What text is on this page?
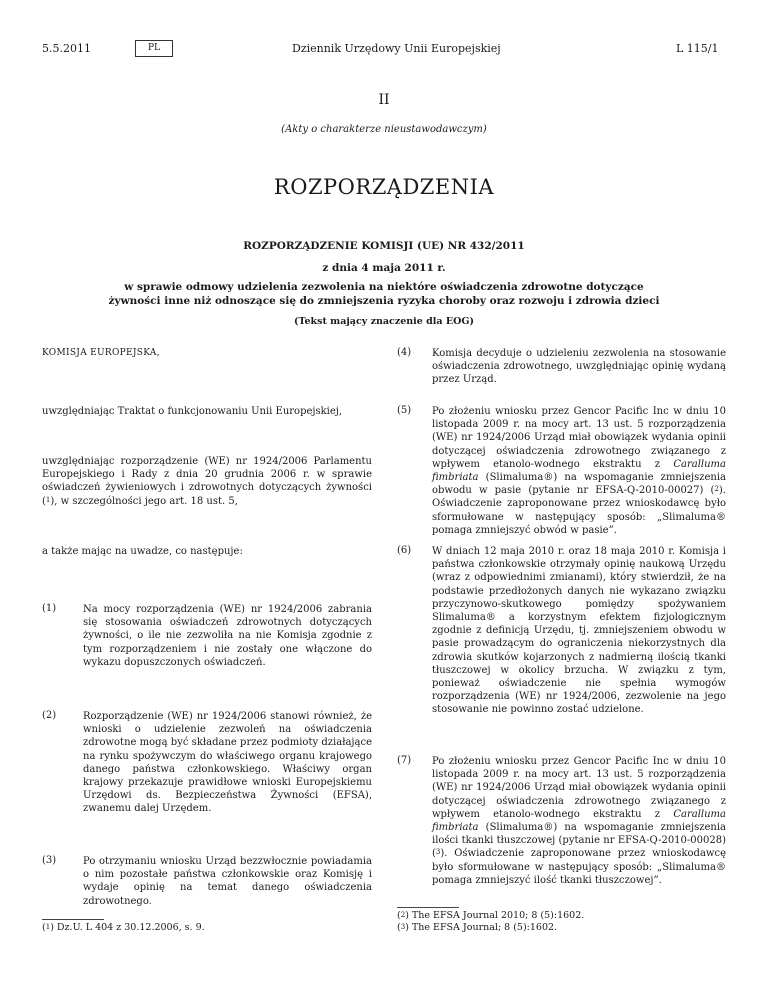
5.5.2011	PL	Dziennik Urzędowy Unii Europejskiej	L 115/1
II
(Akty o charakterze nieustawodawczym)
ROZPORZĄDZENIA
ROZPORZĄDZENIE KOMISJI (UE) NR 432/2011
z dnia 4 maja 2011 r.
w sprawie odmowy udzielenia zezwolenia na niektóre oświadczenia zdrowotne dotyczące
żywności inne niż odnoszące się do zmniejszenia ryzyka choroby oraz rozwoju i zdrowia dzieci
(Tekst mający znaczenie dla EOG)
KOMISJA EUROPEJSKA,
uwzględniając Traktat o funkcjonowaniu Unii Europejskiej,
uwzględniając rozporządzenie (WE) nr 1924/2006 Parlamentu Europejskiego i Rady z dnia 20 grudnia 2006 r. w sprawie oświadczeń żywieniowych i zdrowotnych dotyczących żywności ($^1$), w szczególności jego art. 18 ust. 5,
a także mając na uwadze, co następuje:
(1)	Na mocy rozporządzenia (WE) nr 1924/2006 zabrania się stosowania oświadczeń zdrowotnych dotyczących żywności, o ile nie zezwoliła na nie Komisja zgodnie z tym rozporządzeniem i nie zostały one włączone do wykazu dopuszczonych oświadczeń.
(2)	Rozporządzenie (WE) nr 1924/2006 stanowi również, że wnioski o udzielenie zezwoleń na oświadczenia zdrowotne mogą być składane przez podmioty działające na rynku spożywczym do właściwego organu krajowego danego państwa członkowskiego. Właściwy organ krajowy przekazuje prawidłowe wnioski Europejskiemu Urzędowi ds. Bezpieczeństwa Żywności (EFSA), zwanemu dalej Urzędem.
(3)	Po otrzymaniu wniosku Urząd bezzwłocznie powiadamia o nim pozostałe państwa członkowskie oraz Komisję i wydaje opinię na temat danego oświadczenia zdrowotnego.
($^1$) Dz.U. L 404 z 30.12.2006, s. 9.
(4) Komisja decyduje o udzieleniu zezwolenia na stosowanie oświadczenia zdrowotnego, uwzględniając opinię wydaną przez Urząd.
(5) Po złożeniu wniosku przez Gencor Pacific Inc w dniu 10 listopada 2009 r. na mocy art. 13 ust. 5 rozporządzenia (WE) nr 1924/2006 Urząd miał obowiązek wydania opinii dotyczącej oświadczenia zdrowotnego związanego z wpływem etanolo-wodnego ekstraktu z Caralluma fimbriata (Slimaluma®) na wspomaganie zmniejszenia obwodu w pasie (pytanie nr EFSA-Q-2010-00027) ($^2$). Oświadczenie zaproponowane przez wnioskodawcę było sformułowane w następujący sposób: „Slimaluma® pomaga zmniejszyć obwód w pasie”.
(6) W dniach 12 maja 2010 r. oraz 18 maja 2010 r. Komisja i państwa członkowskie otrzymały opinię naukową Urzędu (wraz z odpowiednimi zmianami), który stwierdził, że na podstawie przedłożonych danych nie wykazano związku przyczynowo-skutkowego pomiędzy spożywaniem Slimaluma® a korzystnym efektem fizjologicznym zgodnie z definicją Urzędu, tj. zmniejszeniem obwodu w pasie prowadzącym do ograniczenia niekorzystnych dla zdrowia skutków kojarzonych z nadmierną ilością tkanki tłuszczowej w okolicy brzucha. W związku z tym, ponieważ oświadczenie nie spełnia wymogów rozporządzenia (WE) nr 1924/2006, zezwolenie na jego stosowanie nie powinno zostać udzielone.
(7) Po złożeniu wniosku przez Gencor Pacific Inc w dniu 10 listopada 2009 r. na mocy art. 13 ust. 5 rozporządzenia (WE) nr 1924/2006 Urząd miał obowiązek wydania opinii dotyczącej oświadczenia zdrowotnego związanego z wpływem etanolo-wodnego ekstraktu z Caralluma fimbriata (Slimaluma®) na wspomaganie zmniejszenia ilości tkanki tłuszczowej (pytanie nr EFSA-Q-2010-00028) ($^3$). Oświadczenie zaproponowane przez wnioskodawcę było sformułowane w następujący sposób: „Slimaluma® pomaga zmniejszyć ilość tkanki tłuszczowej”.
($^2$) The EFSA Journal 2010; 8 (5):1602.
($^3$) The EFSA Journal; 8 (5):1602.
